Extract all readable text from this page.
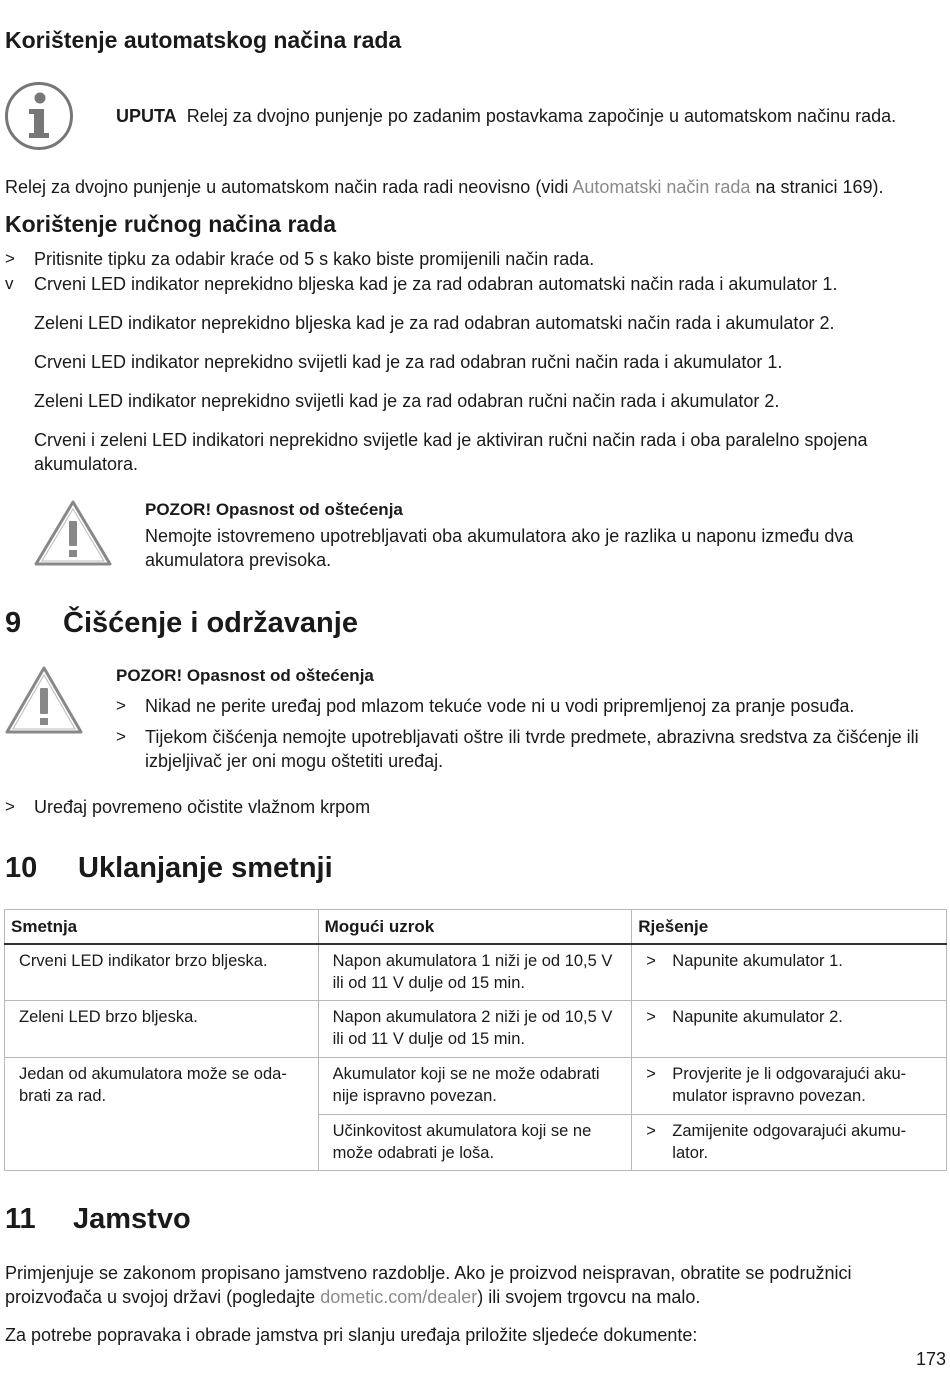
Korištenje automatskog načina rada
UPUTA Relej za dvojno punjenje po zadanim postavkama započinje u automatskom načinu rada.
Relej za dvojno punjenje u automatskom način rada radi neovisno (vidi Automatski način rada na stranici 169).
Korištenje ručnog načina rada
> Pritisnite tipku za odabir kraće od 5 s kako biste promijenili način rada.
v Crveni LED indikator neprekidno bljeska kad je za rad odabran automatski način rada i akumulator 1.
Zeleni LED indikator neprekidno bljeska kad je za rad odabran automatski način rada i akumulator 2.
Crveni LED indikator neprekidno svijetli kad je za rad odabran ručni način rada i akumulator 1.
Zeleni LED indikator neprekidno svijetli kad je za rad odabran ručni način rada i akumulator 2.
Crveni i zeleni LED indikatori neprekidno svijetle kad je aktiviran ručni način rada i oba paralelno spojena akumulatora.
POZOR! Opasnost od oštećenja
Nemojte istovremeno upotrebljavati oba akumulatora ako je razlika u naponu između dva akumulatora previsoka.
9 Čišćenje i održavanje
POZOR! Opasnost od oštećenja
> Nikad ne perite uređaj pod mlazom tekuće vode ni u vodi pripremljenoj za pranje posuđa.
> Tijekom čišćenja nemojte upotrebljavati oštre ili tvrde predmete, abrazivna sredstva za čišćenje ili izbjeljivač jer oni mogu oštetiti uređaj.
> Uređaj povremeno očistite vlažnom krpom
10 Uklanjanje smetnji
Smetnja	Mogući uzrok	Rješenje
Crveni LED indikator brzo bljeska.	Napon akumulatora 1 niži je od 10,5 V ili od 11 V dulje od 15 min.	> Napunite akumulator 1.

Zeleni LED brzo bljeska.	Napon akumulatora 2 niži je od 10,5 V ili od 11 V dulje od 15 min.	> Napunite akumulator 2.

Jedan od akumulatora može se oda-brati za rad.	Akumulator koji se ne može odabrati nije ispravno povezan.	> Provjerite je li odgovarajući aku-mulator ispravno povezan.

	Učinkovitost akumulatora koji se ne može odabrati je loša.	> Zamijenite odgovarajući akumu-lator.
11 Jamstvo
Primjenjuje se zakonom propisano jamstveno razdoblje. Ako je proizvod neispravan, obratite se podružnici proizvođača u svojoj državi (pogledajte dometic.com/dealer) ili svojem trgovcu na malo.
Za potrebe popravaka i obrade jamstva pri slanju uređaja priložite sljedeće dokumente:
173
